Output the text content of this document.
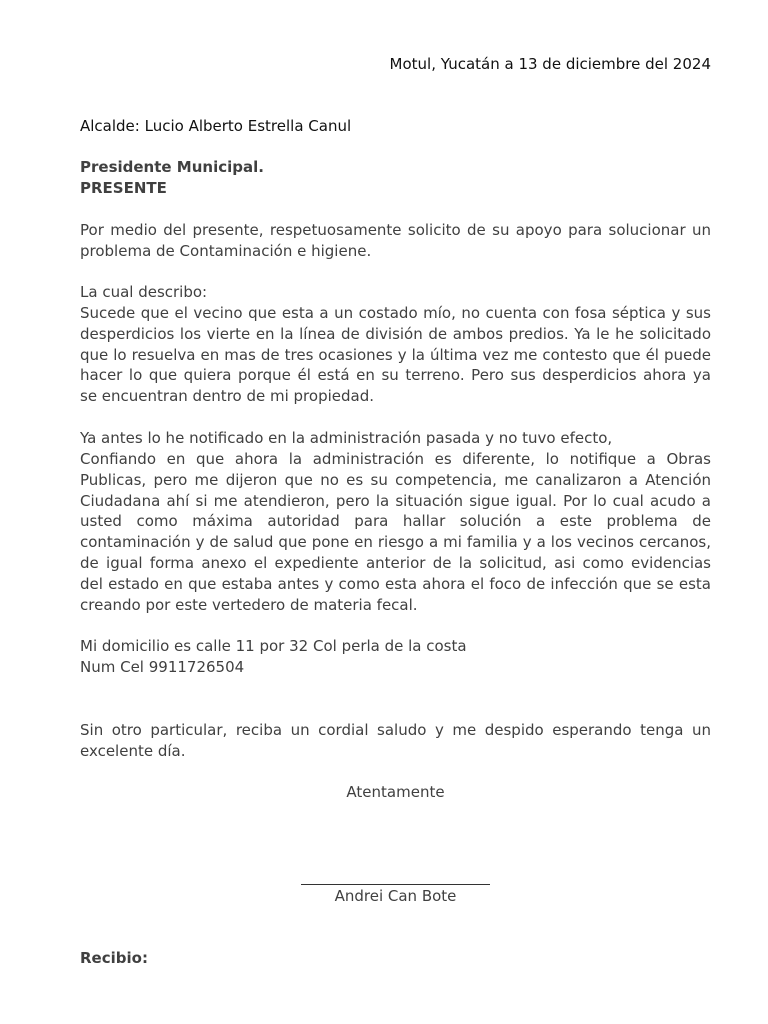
Motul, Yucatán a 13 de diciembre del 2024
Alcalde: Lucio Alberto Estrella Canul
Presidente Municipal.
PRESENTE
Por medio del presente, respetuosamente solicito de su apoyo para solucionar un
problema de Contaminación e higiene.
La cual describo:
Sucede que el vecino que esta a un costado mío, no cuenta con fosa séptica y sus
desperdicios los vierte en la línea de división de ambos predios. Ya le he solicitado
que lo resuelva en mas de tres ocasiones y la última vez me contesto que él puede
hacer lo que quiera porque él está en su terreno. Pero sus desperdicios ahora ya
se encuentran dentro de mi propiedad.
Ya antes lo he notificado en la administración pasada y no tuvo efecto,
Confiando en que ahora la administración es diferente, lo notifique a Obras
Publicas, pero me dijeron que no es su competencia, me canalizaron a Atención
Ciudadana ahí si me atendieron, pero la situación sigue igual. Por lo cual acudo a
usted como máxima autoridad para hallar solución a este problema de
contaminación y de salud que pone en riesgo a mi familia y a los vecinos cercanos,
de igual forma anexo el expediente anterior de la solicitud, asi como evidencias
del estado en que estaba antes y como esta ahora el foco de infección que se esta
creando por este vertedero de materia fecal.
Mi domicilio es calle 11 por 32 Col perla de la costa
Num Cel 9911726504
Sin otro particular, reciba un cordial saludo y me despido esperando tenga un
excelente día.
Atentamente
Andrei Can Bote
Recibio:
